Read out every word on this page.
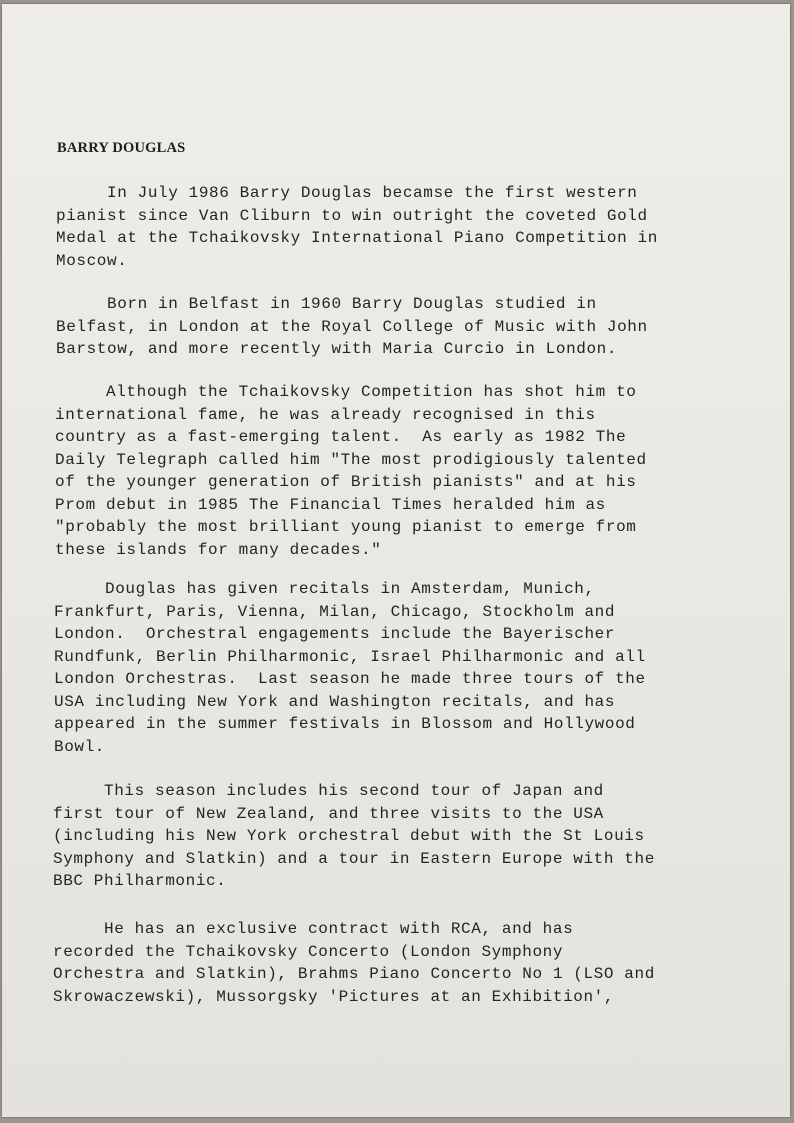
BARRY DOUGLAS
In July 1986 Barry Douglas becamse the first western
pianist since Van Cliburn to win outright the coveted Gold
Medal at the Tchaikovsky International Piano Competition in
Moscow.
Born in Belfast in 1960 Barry Douglas studied in
Belfast, in London at the Royal College of Music with John
Barstow, and more recently with Maria Curcio in London.
Although the Tchaikovsky Competition has shot him to
international fame, he was already recognised in this
country as a fast-emerging talent.  As early as 1982 The
Daily Telegraph called him "The most prodigiously talented
of the younger generation of British pianists" and at his
Prom debut in 1985 The Financial Times heralded him as
"probably the most brilliant young pianist to emerge from
these islands for many decades."
Douglas has given recitals in Amsterdam, Munich,
Frankfurt, Paris, Vienna, Milan, Chicago, Stockholm and
London.  Orchestral engagements include the Bayerischer
Rundfunk, Berlin Philharmonic, Israel Philharmonic and all
London Orchestras.  Last season he made three tours of the
USA including New York and Washington recitals, and has
appeared in the summer festivals in Blossom and Hollywood
Bowl.
This season includes his second tour of Japan and
first tour of New Zealand, and three visits to the USA
(including his New York orchestral debut with the St Louis
Symphony and Slatkin) and a tour in Eastern Europe with the
BBC Philharmonic.
He has an exclusive contract with RCA, and has
recorded the Tchaikovsky Concerto (London Symphony
Orchestra and Slatkin), Brahms Piano Concerto No 1 (LSO and
Skrowaczewski), Mussorgsky 'Pictures at an Exhibition',
